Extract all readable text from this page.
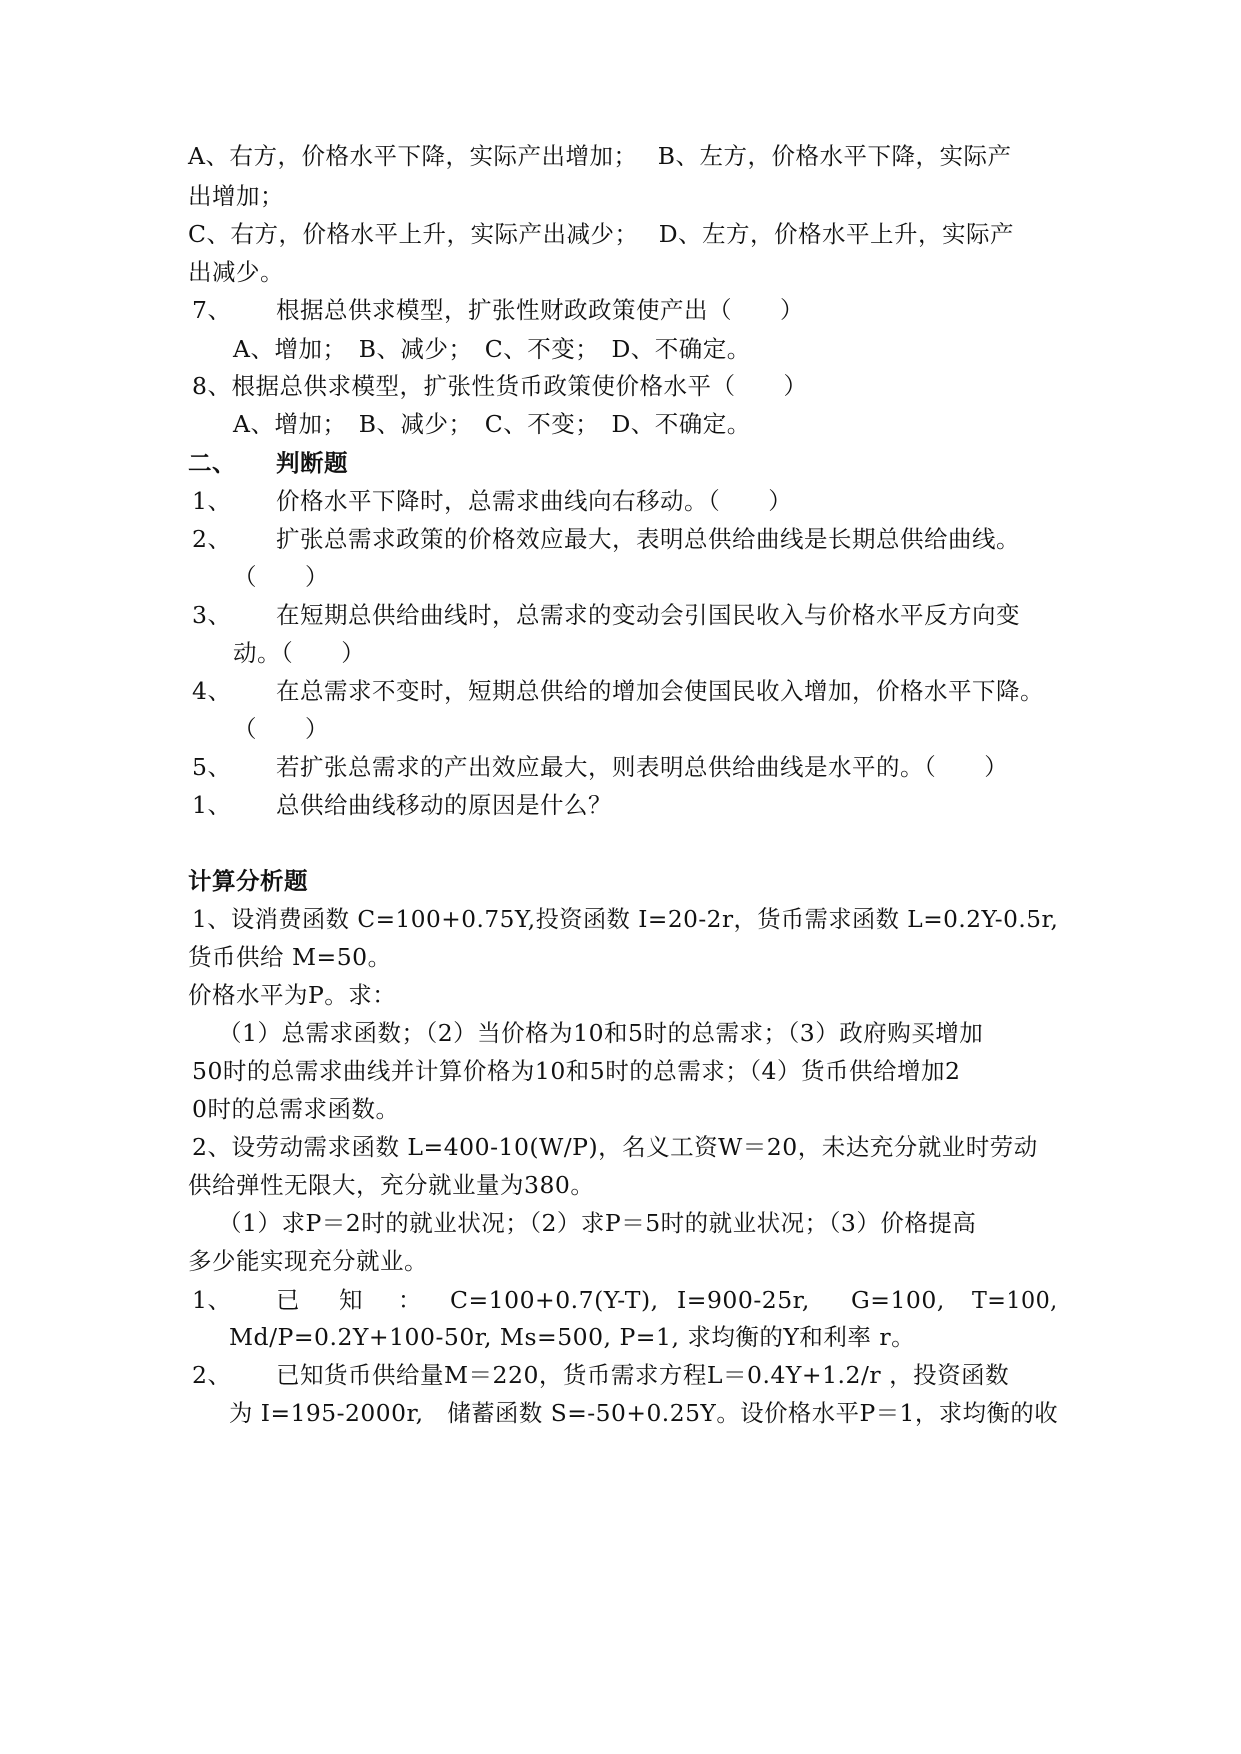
A、右方，价格水平下降，实际产出增加；　 B、左方，价格水平下降，实际产
出增加；
C、右方，价格水平上升，实际产出减少；　 D、左方，价格水平上升，实际产
出减少。
7、 根据总供求模型，扩张性财政政策使产出（　　）
A、增加；　B、减少；　C、不变；　D、不确定。
8、根据总供求模型，扩张性货币政策使价格水平（　　）
A、增加；　B、减少；　C、不变；　D、不确定。
二、 判断题
1、 价格水平下降时，总需求曲线向右移动。（　　）
2、 扩张总需求政策的价格效应最大，表明总供给曲线是长期总供给曲线。
（　　）
3、 在短期总供给曲线时，总需求的变动会引国民收入与价格水平反方向变
动。（　　）
4、 在总需求不变时，短期总供给的增加会使国民收入增加，价格水平下降。
（　　）
5、 若扩张总需求的产出效应最大，则表明总供给曲线是水平的。（　　）
1、 总供给曲线移动的原因是什么？
计算分析题
1、设消费函数 C=100+0.75Y,投资函数 I=20-2r，货币需求函数 L=0.2Y-0.5r,
货币供给 M=50。
价格水平为P。求：
（1）总需求函数；（2）当价格为10和5时的总需求；（3）政府购买增加
50时的总需求曲线并计算价格为10和5时的总需求；（4）货币供给增加2
0时的总需求函数。
2、设劳动需求函数 L=400-10(W/P)，名义工资W＝20，未达充分就业时劳动
供给弹性无限大，充分就业量为380。
（1）求P＝2时的就业状况；（2）求P＝5时的就业状况；（3）价格提高
多少能实现充分就业。
1、 已 知 ： C=100+0.7(Y-T), I=900-25r, G=100, T=100,
Md/P=0.2Y+100-50r, Ms=500, P=1, 求均衡的Y和利率 r。
2、 已知货币供给量M＝220，货币需求方程L＝0.4Y+1.2/r ，投资函数
为 I=195-2000r,　储蓄函数 S=-50+0.25Y。设价格水平P＝1，求均衡的收
